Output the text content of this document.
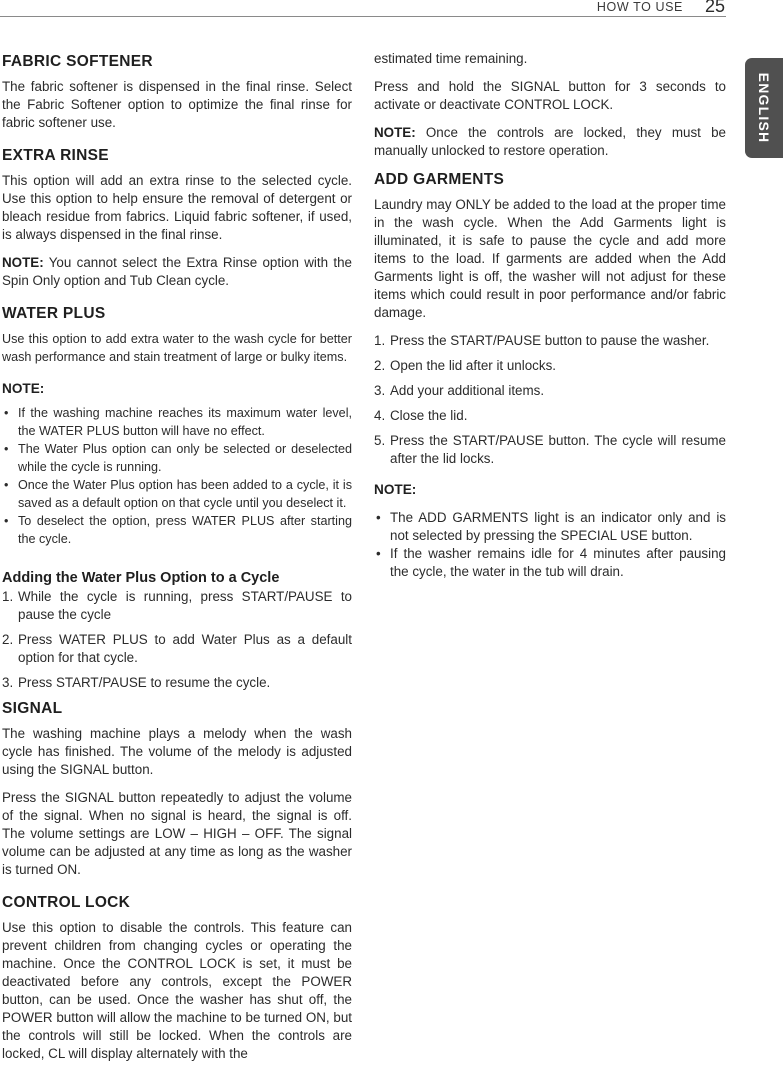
HOW TO USE 25
ENGLISH
FABRIC SOFTENER

The fabric softener is dispensed in the final rinse. Select the Fabric Softener option to optimize the final rinse for fabric softener use.

EXTRA RINSE

This option will add an extra rinse to the selected cycle. Use this option to help ensure the removal of detergent or bleach residue from fabrics. Liquid fabric softener, if used, is always dispensed in the final rinse.

NOTE: You cannot select the Extra Rinse option with the Spin Only option and Tub Clean cycle.

WATER PLUS

Use this option to add extra water to the wash cycle for better wash performance and stain treatment of large or bulky items.

NOTE:
• If the washing machine reaches its maximum water level, the WATER PLUS button will have no effect.
• The Water Plus option can only be selected or deselected while the cycle is running.
• Once the Water Plus option has been added to a cycle, it is saved as a default option on that cycle until you deselect it.
• To deselect the option, press WATER PLUS after starting the cycle.
Adding the Water Plus Option to a Cycle
1. While the cycle is running, press START/PAUSE to pause the cycle
2. Press WATER PLUS to add Water Plus as a default option for that cycle.
3. Press START/PAUSE to resume the cycle.
SIGNAL

The washing machine plays a melody when the wash cycle has finished. The volume of the melody is adjusted using the SIGNAL button.

Press the SIGNAL button repeatedly to adjust the volume of the signal. When no signal is heard, the signal is off. The volume settings are LOW – HIGH – OFF. The signal volume can be adjusted at any time as long as the washer is turned ON.

CONTROL LOCK

Use this option to disable the controls. This feature can prevent children from changing cycles or operating the machine. Once the CONTROL LOCK is set, it must be deactivated before any controls, except the POWER button, can be used. Once the washer has shut off, the POWER button will allow the machine to be turned ON, but the controls will still be locked. When the controls are locked, CL will display alternately with the

estimated time remaining.

Press and hold the SIGNAL button for 3 seconds to activate or deactivate CONTROL LOCK.

NOTE: Once the controls are locked, they must be manually unlocked to restore operation.

ADD GARMENTS

Laundry may ONLY be added to the load at the proper time in the wash cycle. When the Add Garments light is illuminated, it is safe to pause the cycle and add more items to the load. If garments are added when the Add Garments light is off, the washer will not adjust for these items which could result in poor performance and/or fabric damage.

1. Press the START/PAUSE button to pause the washer.
2. Open the lid after it unlocks.
3. Add your additional items.
4. Close the lid.
5. Press the START/PAUSE button. The cycle will resume after the lid locks.
NOTE:
• The ADD GARMENTS light is an indicator only and is not selected by pressing the SPECIAL USE button.
• If the washer remains idle for 4 minutes after pausing the cycle, the water in the tub will drain.
